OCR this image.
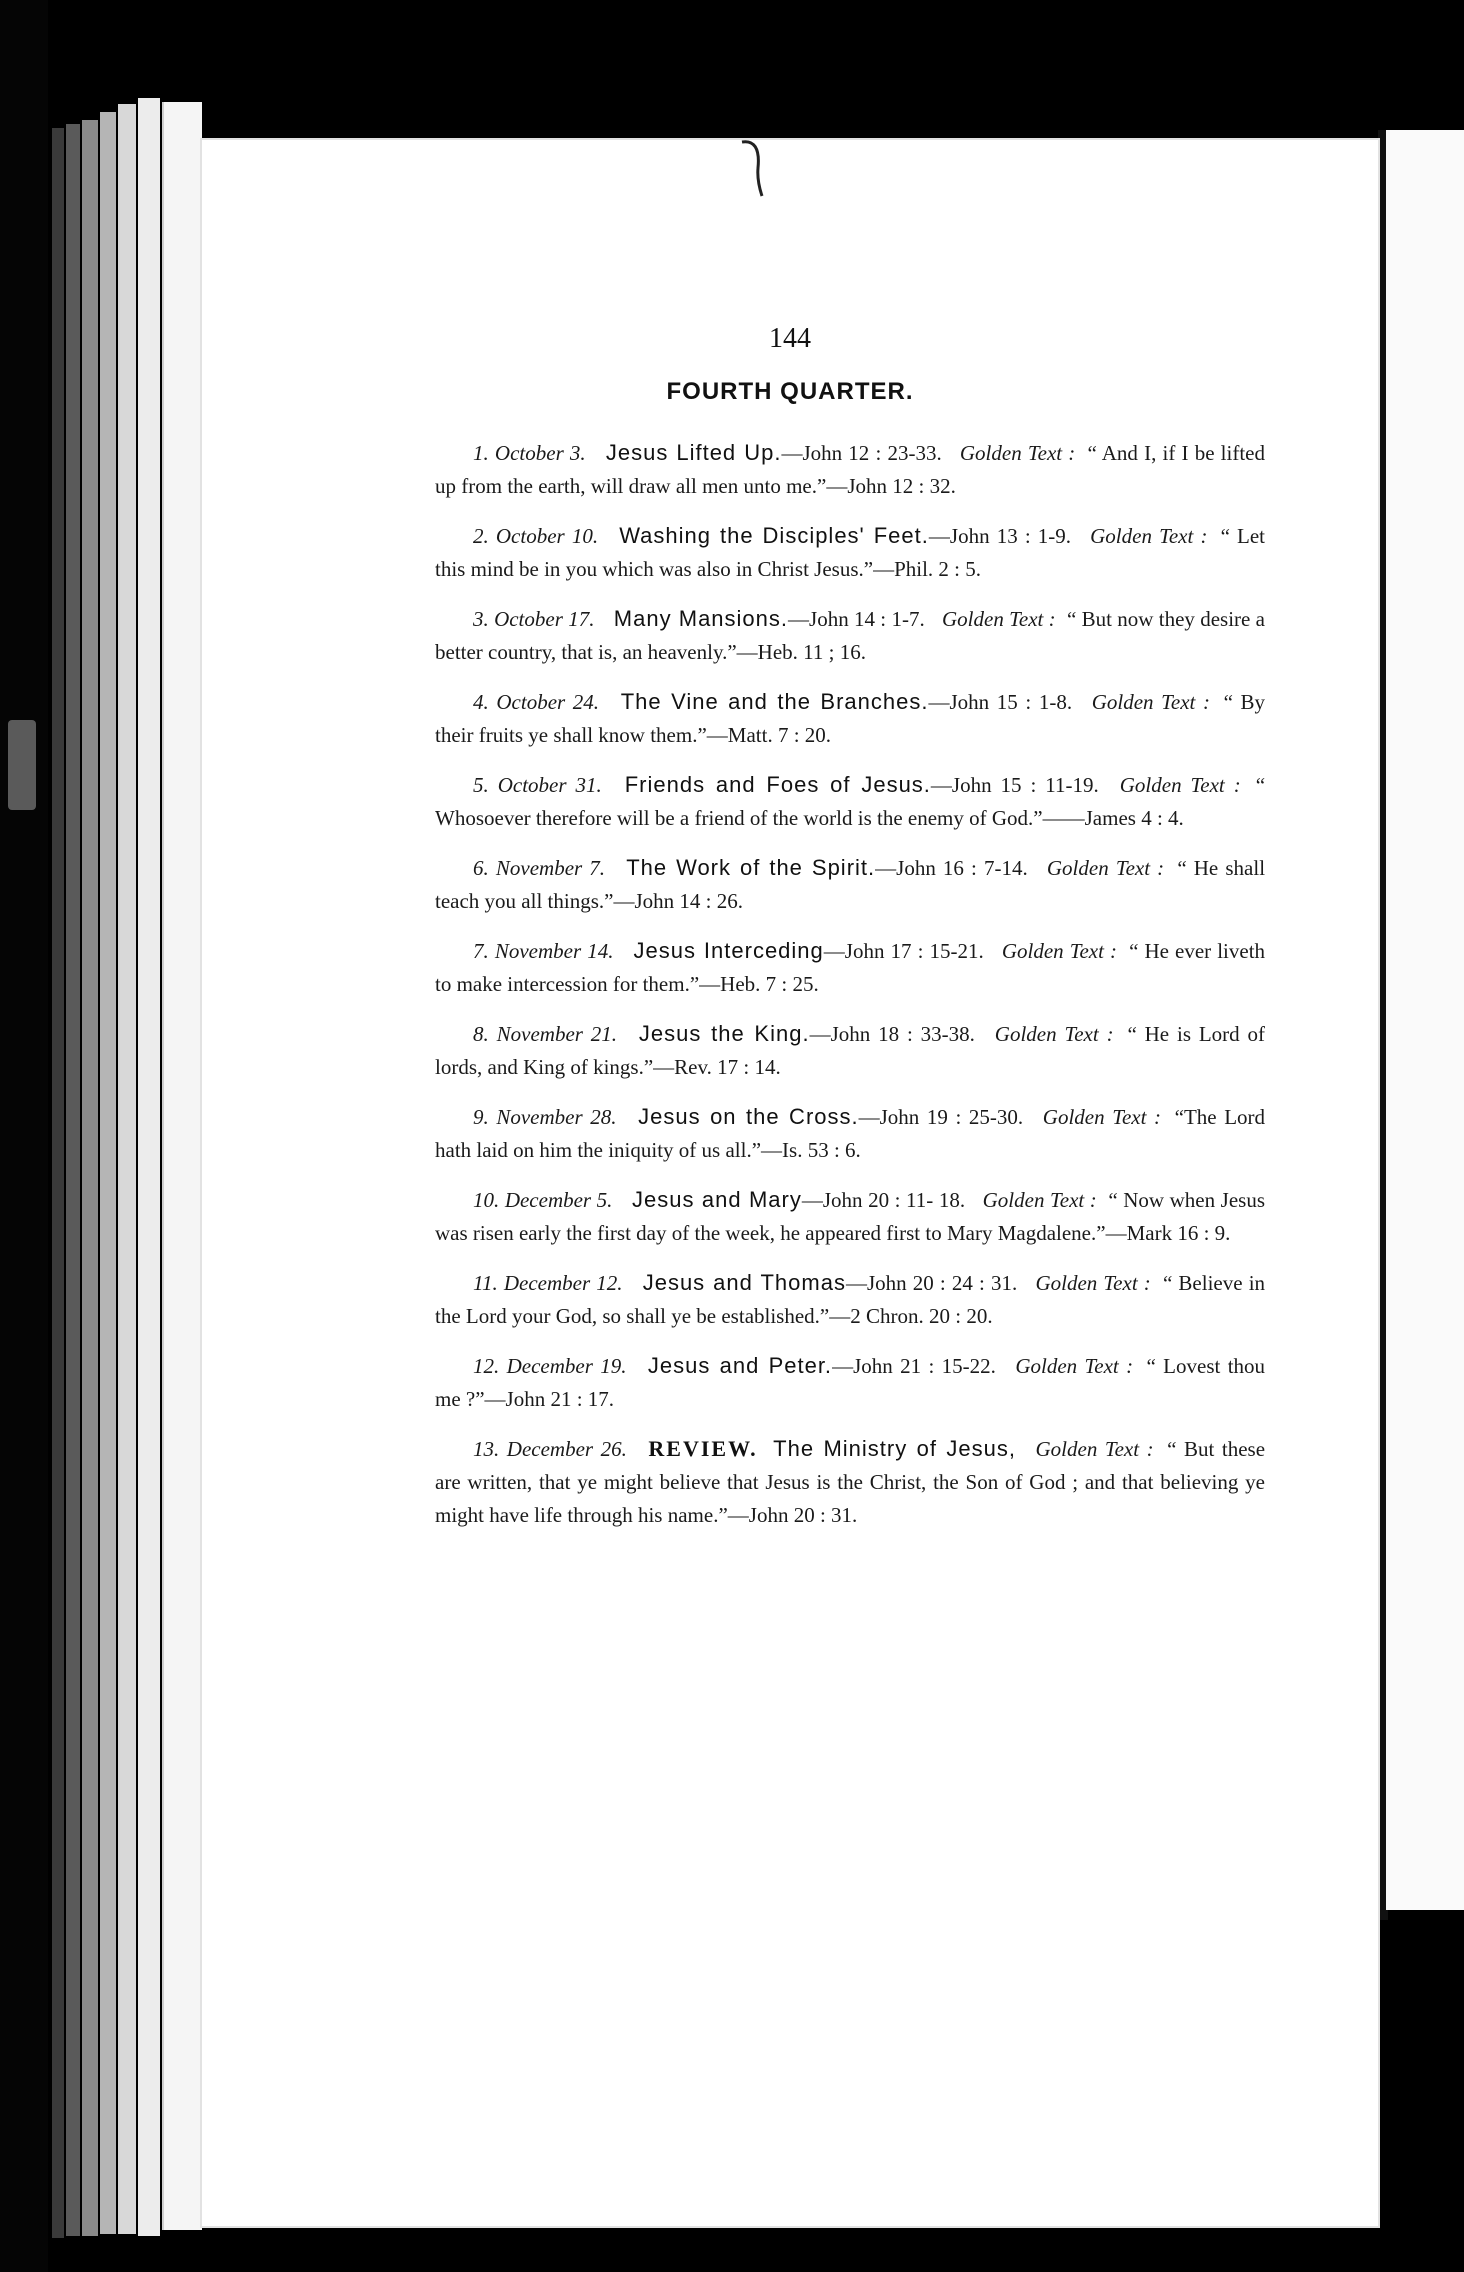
144
FOURTH QUARTER.
1. October 3. Jesus Lifted Up.—John 12 : 23-33. Golden Text : “ And I, if I be lifted up from the earth, will draw all men unto me.”—John 12 : 32.
2. October 10. Washing the Disciples' Feet.—John 13 : 1-9. Golden Text : “ Let this mind be in you which was also in Christ Jesus.”—Phil. 2 : 5.
3. October 17. Many Mansions.—John 14 : 1-7. Golden Text : “ But now they desire a better country, that is, an heavenly.”—Heb. 11 ; 16.
4. October 24. The Vine and the Branches.—John 15 : 1-8. Golden Text : “ By their fruits ye shall know them.”—Matt. 7 : 20.
5. October 31. Friends and Foes of Jesus.—John 15 : 11-19. Golden Text : “ Whosoever therefore will be a friend of the world is the enemy of God.”——James 4 : 4.
6. November 7. The Work of the Spirit.—John 16 : 7-14. Golden Text : “ He shall teach you all things.”—John 14 : 26.
7. November 14. Jesus Interceding—John 17 : 15-21. Golden Text : “ He ever liveth to make intercession for them.”—Heb. 7 : 25.
8. November 21. Jesus the King.—John 18 : 33-38. Golden Text : “ He is Lord of lords, and King of kings.”—Rev. 17 : 14.
9. November 28. Jesus on the Cross.—John 19 : 25-30. Golden Text : “The Lord hath laid on him the iniquity of us all.”—Is. 53 : 6.
10. December 5. Jesus and Mary—John 20 : 11- 18. Golden Text : “ Now when Jesus was risen early the first day of the week, he appeared first to Mary Magdalene.”—Mark 16 : 9.
11. December 12. Jesus and Thomas—John 20 : 24 : 31. Golden Text : “ Believe in the Lord your God, so shall ye be established.”—2 Chron. 20 : 20.
12. December 19. Jesus and Peter.—John 21 : 15-22. Golden Text : “ Lovest thou me ?”—John 21 : 17.
13. December 26. REVIEW. The Ministry of Jesus, Golden Text : “ But these are written, that ye might believe that Jesus is the Christ, the Son of God ; and that believing ye might have life through his name.”—John 20 : 31.
